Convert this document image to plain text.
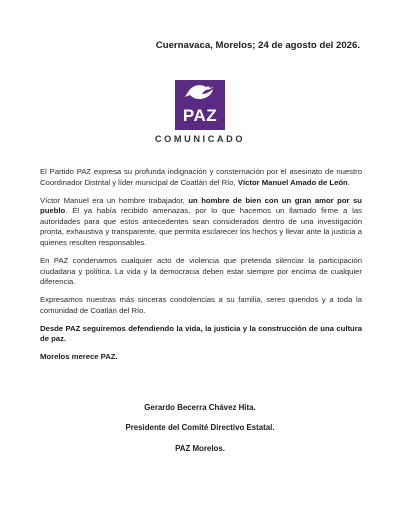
Cuernavaca, Morelos; 24 de agosto del 2026.
PAZ
COMUNICADO

El Partido PAZ expresa su profunda indignación y consternación por el asesinato de nuestro Coordinador Distrital y líder municipal de Coatlán del Río, Víctor Manuel Amado de León.

Víctor Manuel era un hombre trabajador, un hombre de bien con un gran amor por su pueblo. Él ya había recibido amenazas, por lo que hacemos un llamado firme a las autoridades para que estos antecedentes sean considerados dentro de una investigación pronta, exhaustiva y transparente, que permita esclarecer los hechos y llevar ante la justicia a quienes resulten responsables.

En PAZ condenamos cualquier acto de violencia que pretenda silenciar la participación ciudadana y política. La vida y la democracia deben estar siempre por encima de cualquier diferencia.

Expresamos nuestras más sinceras condolencias a su familia, seres queridos y a toda la comunidad de Coatlán del Río.

Desde PAZ seguiremos defendiendo la vida, la justicia y la construcción de una cultura de paz.

Morelos merece PAZ.

Gerardo Becerra Chávez Hita.
Presidente del Comité Directivo Estatal.
PAZ Morelos.
